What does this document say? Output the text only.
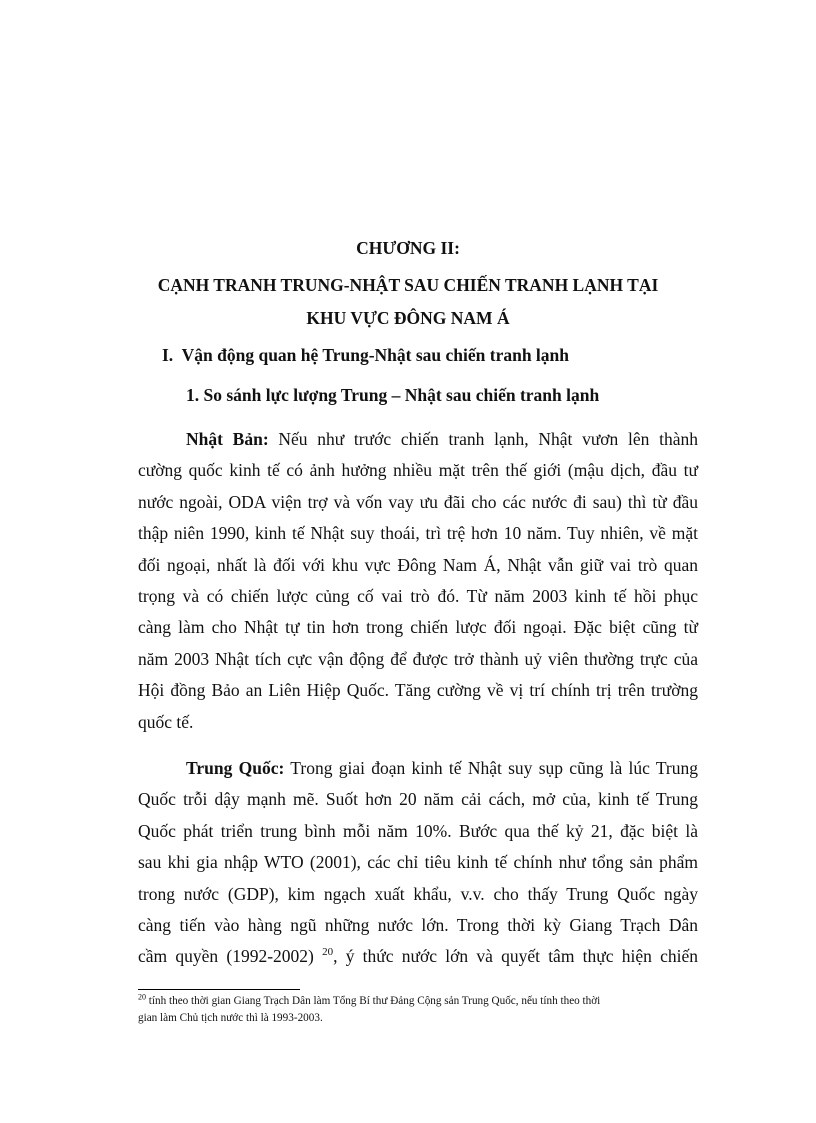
CHƯƠNG II:
CẠNH TRANH TRUNG-NHẬT SAU CHIẾN TRANH LẠNH TẠI
KHU VỰC ĐÔNG NAM Á
I.  Vận động quan hệ Trung-Nhật sau chiến tranh lạnh
1. So sánh lực lượng Trung – Nhật sau chiến tranh lạnh
Nhật Bản: Nếu như trước chiến tranh lạnh, Nhật vươn lên thành
cường quốc kinh tế có ảnh hưởng nhiều mặt trên thế giới (mậu dịch, đầu tư
nước ngoài, ODA viện trợ và vốn vay ưu đãi cho các nước đi sau) thì từ đầu
thập niên 1990, kinh tế Nhật suy thoái, trì trệ hơn 10 năm. Tuy nhiên, về mặt
đối ngoại, nhất là đối với khu vực Đông Nam Á, Nhật vẫn giữ vai trò quan
trọng và có chiến lược củng cố vai trò đó. Từ năm 2003 kinh tế hồi phục
càng làm cho Nhật tự tin hơn trong chiến lược đối ngoại. Đặc biệt cũng từ
năm 2003 Nhật tích cực vận động để được trở thành uỷ viên thường trực của
Hội đồng Bảo an Liên Hiệp Quốc. Tăng cường về vị trí chính trị trên trường
quốc tế.
Trung Quốc: Trong giai đoạn kinh tế Nhật suy sụp cũng là lúc Trung
Quốc trỗi dậy mạnh mẽ. Suốt hơn 20 năm cải cách, mở của, kinh tế Trung
Quốc phát triển trung bình mỗi năm 10%. Bước qua thế kỷ 21, đặc biệt là
sau khi gia nhập WTO (2001), các chỉ tiêu kinh tế chính như tổng sản phẩm
trong nước (GDP), kim ngạch xuất khẩu, v.v. cho thấy Trung Quốc ngày
càng tiến vào hàng ngũ những nước lớn. Trong thời kỳ Giang Trạch Dân
cầm quyền (1992-2002) $^{20}$, ý thức nước lớn và quyết tâm thực hiện chiến
$^{20}$ tính theo thời gian Giang Trạch Dân làm Tổng Bí thư Đảng Cộng sản Trung Quốc, nếu tính theo thời
gian làm Chủ tịch nước thì là 1993-2003.
